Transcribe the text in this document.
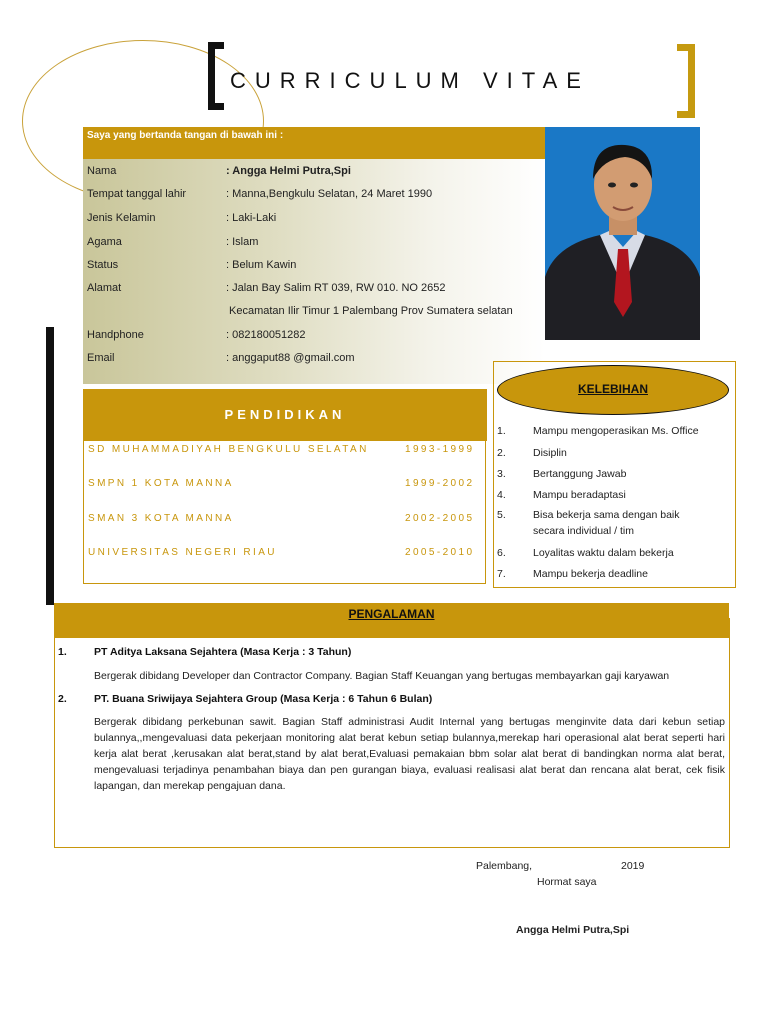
CURRICULUM VITAE
Saya yang bertanda tangan di bawah ini :
Nama	: Angga Helmi Putra,Spi
Tempat tanggal lahir	: Manna,Bengkulu Selatan, 24 Maret 1990
Jenis Kelamin	: Laki-Laki
Agama	: Islam
Status	: Belum Kawin
Alamat	: Jalan Bay Salim RT 039, RW 010. NO 2652
Kecamatan Ilir Timur 1 Palembang Prov Sumatera selatan
Handphone	: 082180051282
Email	: anggaput88 @gmail.com
PENDIDIKAN
SD MUHAMMADIYAH BENGKULU SELATAN	1993-1999
SMPN 1 KOTA MANNA	1999-2002
SMAN 3 KOTA MANNA	2002-2005
UNIVERSITAS NEGERI RIAU	2005-2010
KELEBIHAN
1.	Mampu mengoperasikan Ms. Office
2.	Disiplin
3.	Bertanggung Jawab
4.	Mampu beradaptasi
5.	Bisa bekerja sama dengan baik secara individual / tim
6.	Loyalitas waktu dalam bekerja
7.	Mampu bekerja deadline
PENGALAMAN
1.	PT Aditya Laksana Sejahtera (Masa Kerja : 3 Tahun)
Bergerak dibidang Developer dan Contractor Company. Bagian Staff Keuangan yang bertugas membayarkan gaji karyawan
2.	PT. Buana Sriwijaya Sejahtera Group (Masa Kerja : 6 Tahun 6 Bulan)
Bergerak dibidang perkebunan sawit. Bagian Staff administrasi Audit Internal yang bertugas menginvite data dari kebun setiap bulannya,,mengevaluasi data pekerjaan monitoring alat berat kebun setiap bulannya,merekap hari operasional alat berat seperti hari kerja alat berat ,kerusakan alat berat,stand by alat berat,Evaluasi pemakaian bbm solar alat berat di bandingkan norma alat berat, mengevaluasi terjadinya penambahan biaya dan pen gurangan biaya, evaluasi realisasi alat berat dan rencana alat berat, cek fisik lapangan, dan merekap pengajuan dana.
Palembang,	2019
Hormat saya
Angga Helmi Putra,Spi
